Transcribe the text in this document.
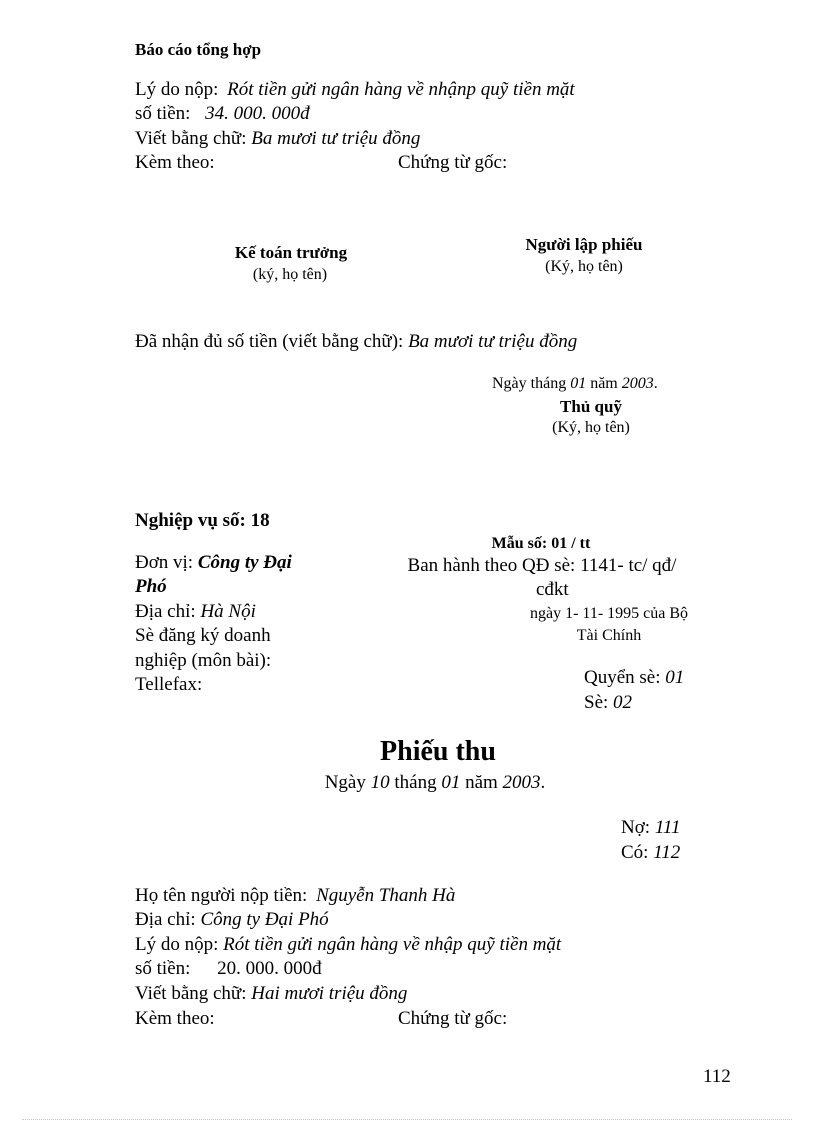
Báo cáo tổng hợp
Lý do nộp: Rót tiền gửi ngân hàng về nhậnp quỹ tiền mặt
số tiền: 34. 000. 000đ
Viết bằng chữ: Ba mươi tư triệu đồng
Kèm theo:	Chứng từ gốc:
Kế toán trưởng
(ký, họ tên)
Người lập phiếu
(Ký, họ tên)
Đã nhận đủ số tiền (viết bằng chữ): Ba mươi tư triệu đồng
Ngày tháng 01 năm 2003.
Thủ quỹ
(Ký, họ tên)
Nghiệp vụ số: 18
Đơn vị: Công ty Đại
Phó
Địa chỉ: Hà Nội
Sè đăng ký doanh
nghiệp (môn bài):
Tellefax:
Mẫu số: 01 / tt
Ban hành theo QĐ sè: 1141- tc/ qđ/
cđkt
ngày 1- 11- 1995 của Bộ
Tài Chính
Quyển sè: 01
Sè: 02
Phiếu thu
Ngày 10 tháng 01 năm 2003.
Nợ: 111
Có: 112
Họ tên người nộp tiền: Nguyễn Thanh Hà
Địa chỉ: Công ty Đại Phó
Lý do nộp: Rót tiền gửi ngân hàng về nhập quỹ tiền mặt
số tiền: 20. 000. 000đ
Viết bằng chữ: Hai mươi triệu đồng
Kèm theo:	Chứng từ gốc:
112
